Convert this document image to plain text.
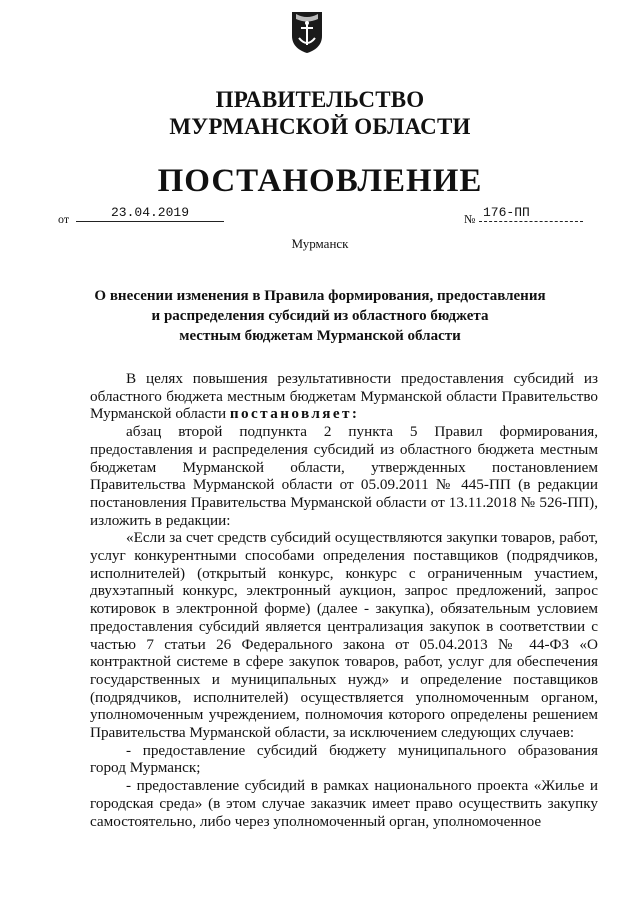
ПРАВИТЕЛЬСТВО
МУРМАНСКОЙ ОБЛАСТИ
ПОСТАНОВЛЕНИЕ
от	23.04.2019	№ 176-ПП
Мурманск
О внесении изменения в Правила формирования, предоставления
и распределения субсидий из областного бюджета
местным бюджетам Мурманской области

В целях повышения результативности предоставления субсидий из областного бюджета местным бюджетам Мурманской области Правительство Мурманской области постановляет:

абзац второй подпункта 2 пункта 5 Правил формирования, предоставления и распределения субсидий из областного бюджета местным бюджетам Мурманской области, утвержденных постановлением Правительства Мурманской области от 05.09.2011 № 445-ПП (в редакции постановления Правительства Мурманской области от 13.11.2018 № 526-ПП), изложить в редакции:

«Если за счет средств субсидий осуществляются закупки товаров, работ, услуг конкурентными способами определения поставщиков (подрядчиков, исполнителей) (открытый конкурс, конкурс с ограниченным участием, двухэтапный конкурс, электронный аукцион, запрос предложений, запрос котировок в электронной форме) (далее - закупка), обязательным условием предоставления субсидий является централизация закупок в соответствии с частью 7 статьи 26 Федерального закона от 05.04.2013 № 44-ФЗ «О контрактной системе в сфере закупок товаров, работ, услуг для обеспечения государственных и муниципальных нужд» и определение поставщиков (подрядчиков, исполнителей) осуществляется уполномоченным органом, уполномоченным учреждением, полномочия которого определены решением Правительства Мурманской области, за исключением следующих случаев:

- предоставление субсидий бюджету муниципального образования город Мурманск;

- предоставление субсидий в рамках национального проекта «Жилье и городская среда» (в этом случае заказчик имеет право осуществить закупку самостоятельно, либо через уполномоченный орган, уполномоченное
